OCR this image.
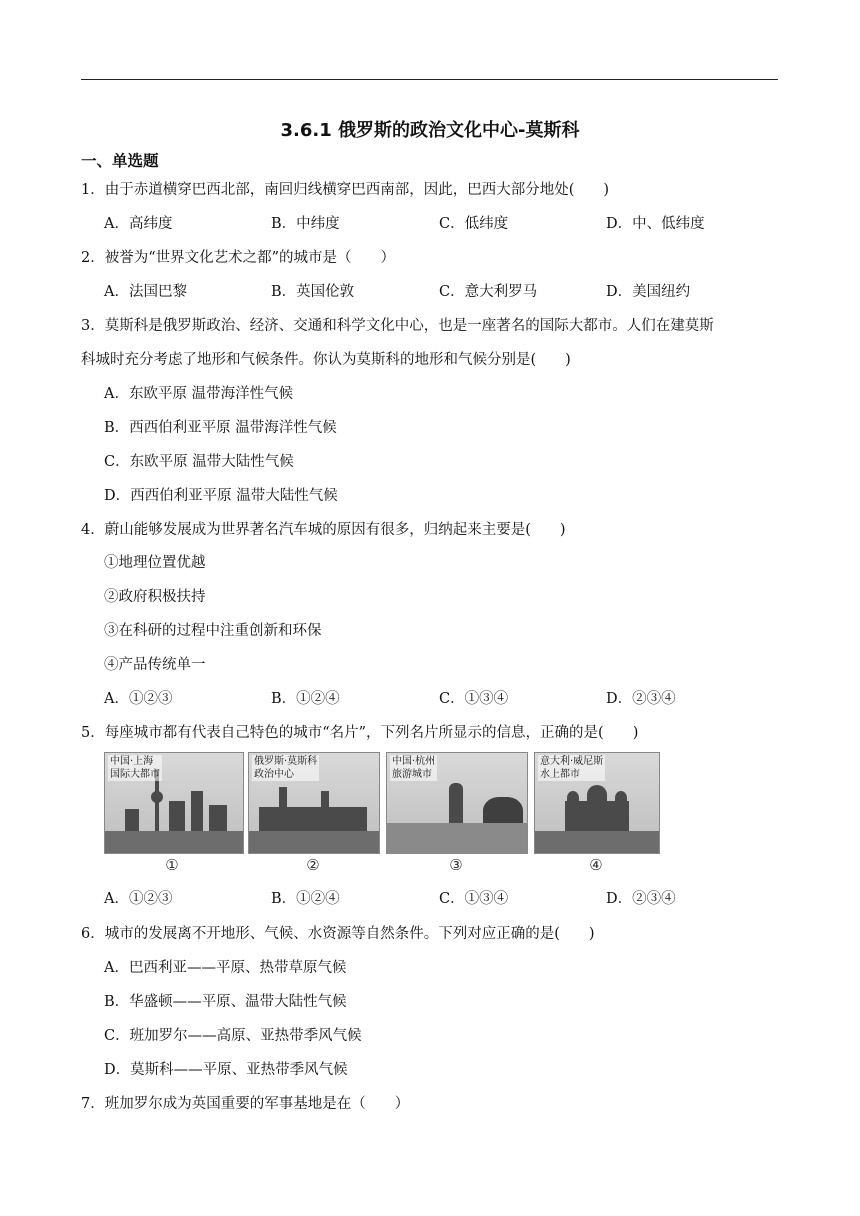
3.6.1 俄罗斯的政治文化中心-莫斯科
一、单选题
1．由于赤道横穿巴西北部，南回归线横穿巴西南部，因此，巴西大部分地处(　　)
A．高纬度	B．中纬度	C．低纬度	D．中、低纬度
2．被誉为“世界文化艺术之都”的城市是（　　）
A．法国巴黎	B．英国伦敦	C．意大利罗马	D．美国纽约
3．莫斯科是俄罗斯政治、经济、交通和科学文化中心，也是一座著名的国际大都市。人们在建莫斯
科城时充分考虑了地形和气候条件。你认为莫斯科的地形和气候分别是(　　)
A．东欧平原 温带海洋性气候
B．西西伯利亚平原 温带海洋性气候
C．东欧平原 温带大陆性气候
D．西西伯利亚平原 温带大陆性气候
4．蔚山能够发展成为世界著名汽车城的原因有很多，归纳起来主要是(　　)
①地理位置优越
②政府积极扶持
③在科研的过程中注重创新和环保
④产品传统单一
A．①②③	B．①②④	C．①③④	D．②③④
5．每座城市都有代表自己特色的城市“名片”，下列名片所显示的信息，正确的是(　　)
中国·上海
国际大都市
俄罗斯·莫斯科
政治中心
中国·杭州
旅游城市
意大利·威尼斯
水上都市
①	②	③	④
A．①②③	B．①②④	C．①③④	D．②③④
6．城市的发展离不开地形、气候、水资源等自然条件。下列对应正确的是(　　)
A．巴西利亚——平原、热带草原气候
B．华盛顿——平原、温带大陆性气候
C．班加罗尔——高原、亚热带季风气候
D．莫斯科——平原、亚热带季风气候
7．班加罗尔成为英国重要的军事基地是在（　　）
